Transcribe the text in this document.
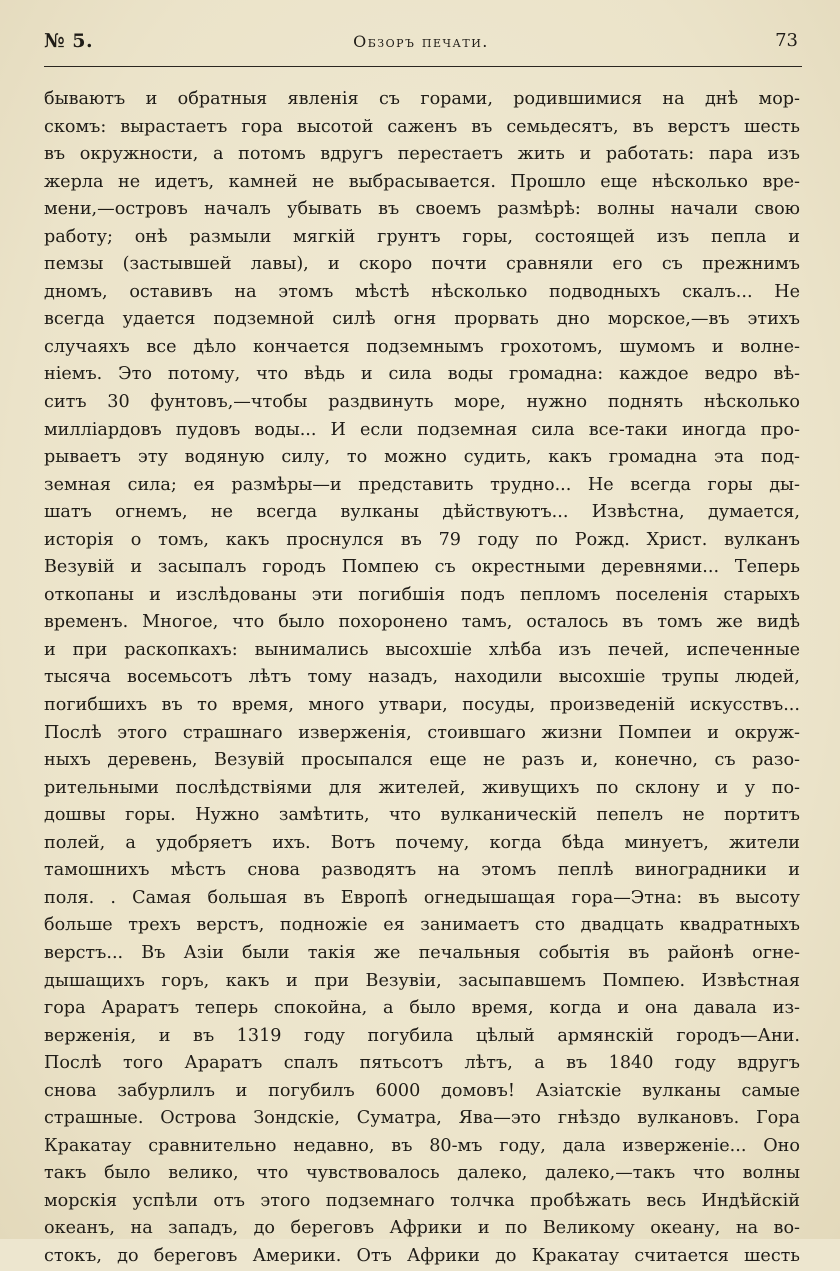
№ 5.	Обзоръ печати.	73
бываютъ и обратныя явленія съ горами, родившимися на днѣ мор-
скомъ: вырастаетъ гора высотой саженъ въ семьдесятъ, въ верстъ шесть
въ окружности, а потомъ вдругъ перестаетъ жить и работать: пара изъ
жерла не идетъ, камней не выбрасывается. Прошло еще нѣсколько вре-
мени,—островъ началъ убывать въ своемъ размѣрѣ: волны начали свою
работу; онѣ размыли мягкій грунтъ горы, состоящей изъ пепла и
пемзы (застывшей лавы), и скоро почти сравняли его съ прежнимъ
дномъ, оставивъ на этомъ мѣстѣ нѣсколько подводныхъ скалъ... Не
всегда удается подземной силѣ огня прорвать дно морское,—въ этихъ
случаяхъ все дѣло кончается подземнымъ грохотомъ, шумомъ и волне-
ніемъ. Это потому, что вѣдь и сила воды громадна: каждое ведро вѣ-
ситъ 30 фунтовъ,—чтобы раздвинуть море, нужно поднять нѣсколько
милліардовъ пудовъ воды... И если подземная сила все-таки иногда про-
рываетъ эту водяную силу, то можно судить, какъ громадна эта под-
земная сила; ея размѣры—и представить трудно... Не всегда горы ды-
шатъ огнемъ, не всегда вулканы дѣйствуютъ... Извѣстна, думается,
исторія о томъ, какъ проснулся въ 79 году по Рожд. Христ. вулканъ
Везувій и засыпалъ городъ Помпею съ окрестными деревнями... Теперь
откопаны и изслѣдованы эти погибшія подъ пепломъ поселенія старыхъ
временъ. Многое, что было похоронено тамъ, осталось въ томъ же видѣ
и при раскопкахъ: вынимались высохшіе хлѣба изъ печей, испеченные
тысяча восемьсотъ лѣтъ тому назадъ, находили высохшіе трупы людей,
погибшихъ въ то время, много утвари, посуды, произведеній искусствъ...
Послѣ этого страшнаго изверженія, стоившаго жизни Помпеи и окруж-
ныхъ деревень, Везувій просыпался еще не разъ и, конечно, съ разо-
рительными послѣдствіями для жителей, живущихъ по склону и у по-
дошвы горы. Нужно замѣтить, что вулканическій пепелъ не портитъ
полей, а удобряетъ ихъ. Вотъ почему, когда бѣда минуетъ, жители
тамошнихъ мѣстъ снова разводятъ на этомъ пеплѣ виноградники и
поля. . Самая большая въ Европѣ огнедышащая гора—Этна: въ высоту
больше трехъ верстъ, подножіе ея занимаетъ сто двадцать квадратныхъ
верстъ... Въ Азіи были такія же печальныя событія въ районѣ огне-
дышащихъ горъ, какъ и при Везувіи, засыпавшемъ Помпею. Извѣстная
гора Араратъ теперь спокойна, а было время, когда и она давала из-
верженія, и въ 1319 году погубила цѣлый армянскій городъ—Ани.
Послѣ того Араратъ спалъ пятьсотъ лѣтъ, а въ 1840 году вдругъ
снова забурлилъ и погубилъ 6000 домовъ! Азіатскіе вулканы самые
страшные. Острова Зондскіе, Суматра, Ява—это гнѣздо вулкановъ. Гора
Кракатау сравнительно недавно, въ 80-мъ году, дала изверженіе... Оно
такъ было велико, что чувствовалось далеко, далеко,—такъ что волны
морскія успѣли отъ этого подземнаго толчка пробѣжать весь Индѣйскій
океанъ, на западъ, до береговъ Африки и по Великому океану, на во-
стокъ, до береговъ Америки. Отъ Африки до Кракатау считается шесть
